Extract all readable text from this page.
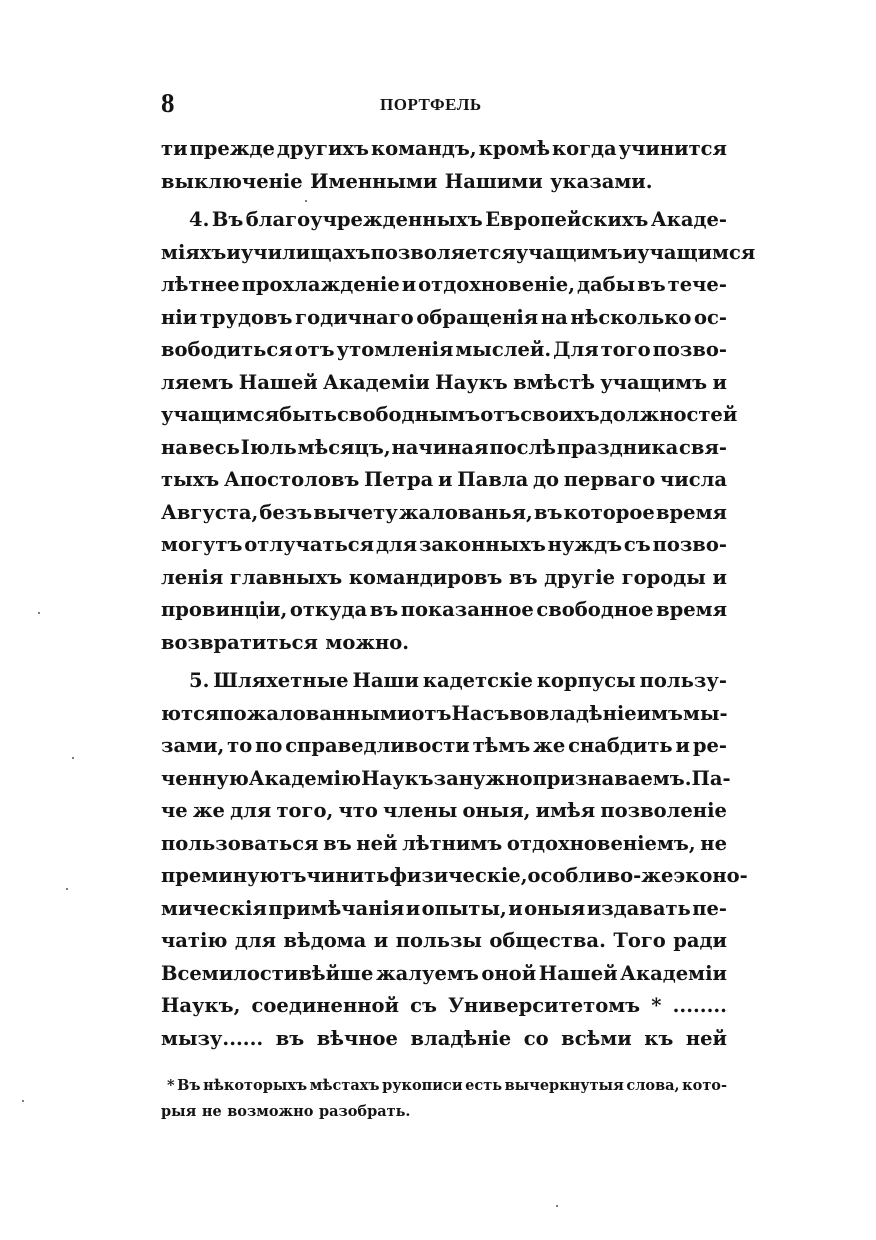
8	ПОРТФЕЛЬ
ти прежде другихъ командъ, кромѣ когда учинится
выключеніе Именными Нашими указами.
4. Въ благоучрежденныхъ Европейскихъ Акаде-
міяхъ и училищахъ позволяется учащимъ и учащимся
лѣтнее прохлажденіе и отдохновеніе, дабы въ тече-
ніи трудовъ годичнаго обращенія на нѣсколько ос-
вободиться отъ утомленія мыслей. Для того позво-
ляемъ Нашей Академіи Наукъ вмѣстѣ учащимъ и
учащимся быть свободнымъ отъ своихъ должностей
на весь Іюль мѣсяцъ, начиная послѣ праздника свя-
тыхъ Апостоловъ Петра и Павла до перваго числа
Августа, безъ вычету жалованья, въ которое время
могутъ отлучаться для законныхъ нуждъ съ позво-
ленія главныхъ командировъ въ другіе городы и
провинціи, откуда въ показанное свободное время
возвратиться можно.
5. Шляхетные Наши кадетскіе корпусы пользу-
ются пожалованными отъ Насъ во владѣніе имъ мы-
зами, то по справедливости тѣмъ же снабдить и ре-
ченную Академію Наукъ за нужно признаваемъ. Па-
че же для того, что члены оныя, имѣя позволеніе
пользоваться въ ней лѣтнимъ отдохновеніемъ, не
преминуютъ чинить физическіе, особливо-же эконо-
мическія примѣчанія и опыты, и оныя издавать пе-
чатію для вѣдома и пользы общества. Того ради
Всемилостивѣйше жалуемъ оной Нашей Академіи
Наукъ, соединенной съ Университетомъ * ........
мызу...... въ вѣчное владѣніе со всѣми къ ней
* Въ нѣкоторыхъ мѣстахъ рукописи есть вычеркнутыя слова, кото-
рыя не возможно разобрать.
